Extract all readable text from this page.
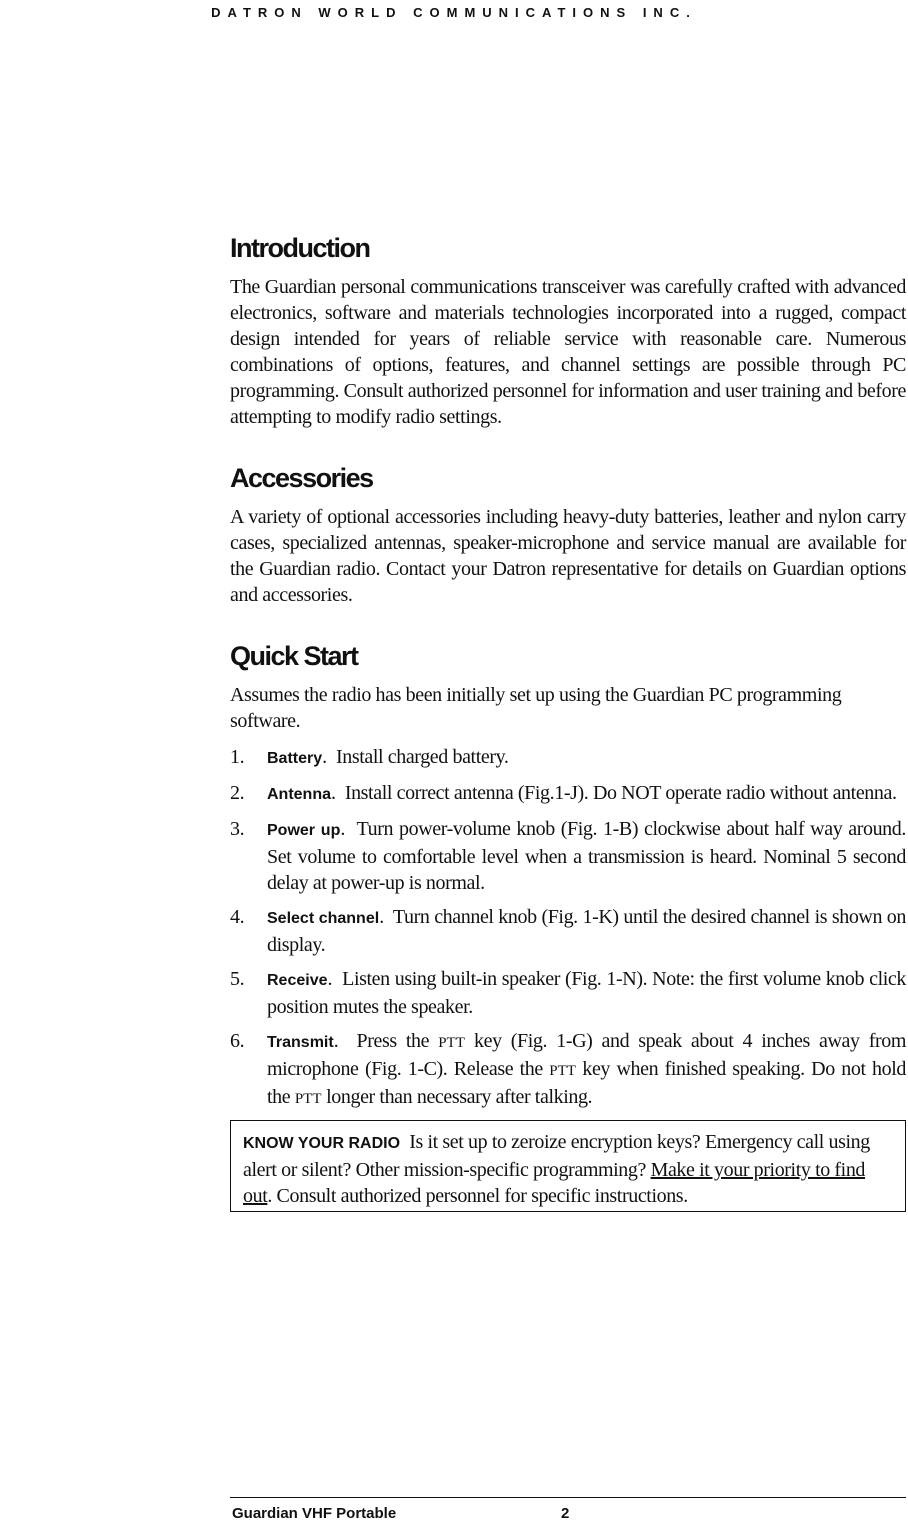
DATRON WORLD COMMUNICATIONS INC.
Introduction

The Guardian personal communications transceiver was carefully crafted with advanced electronics, software and materials technologies incorporated into a rugged, compact design intended for years of reliable service with reasonable care. Numerous combinations of options, features, and channel settings are possible through PC programming. Consult authorized personnel for information and user training and before attempting to modify radio settings.

Accessories

A variety of optional accessories including heavy-duty batteries, leather and nylon carry cases, specialized antennas, speaker-microphone and service manual are available for the Guardian radio. Contact your Datron representative for details on Guardian options and accessories.

Quick Start

Assumes the radio has been initially set up using the Guardian PC programming software.

1.	Battery.  Install charged battery.
2.	Antenna.  Install correct antenna (Fig.1-J). Do NOT operate radio without antenna.
3.	Power up.  Turn power-volume knob (Fig. 1-B) clockwise about half way around. Set volume to comfortable level when a transmission is heard. Nominal 5 second delay at power-up is normal.
4.	Select channel.  Turn channel knob (Fig. 1-K) until the desired channel is shown on display.
5.	Receive.  Listen using built-in speaker (Fig. 1-N). Note: the first volume knob click position mutes the speaker.
6.	Transmit.  Press the PTT key (Fig. 1-G) and speak about 4 inches away from microphone (Fig. 1-C). Release the PTT key when finished speaking. Do not hold the PTT longer than necessary after talking.
KNOW YOUR RADIO Is it set up to zeroize encryption keys? Emergency call using alert or silent? Other mission-specific programming? Make it your priority to find out. Consult authorized personnel for specific instructions.
Guardian VHF Portable	2
